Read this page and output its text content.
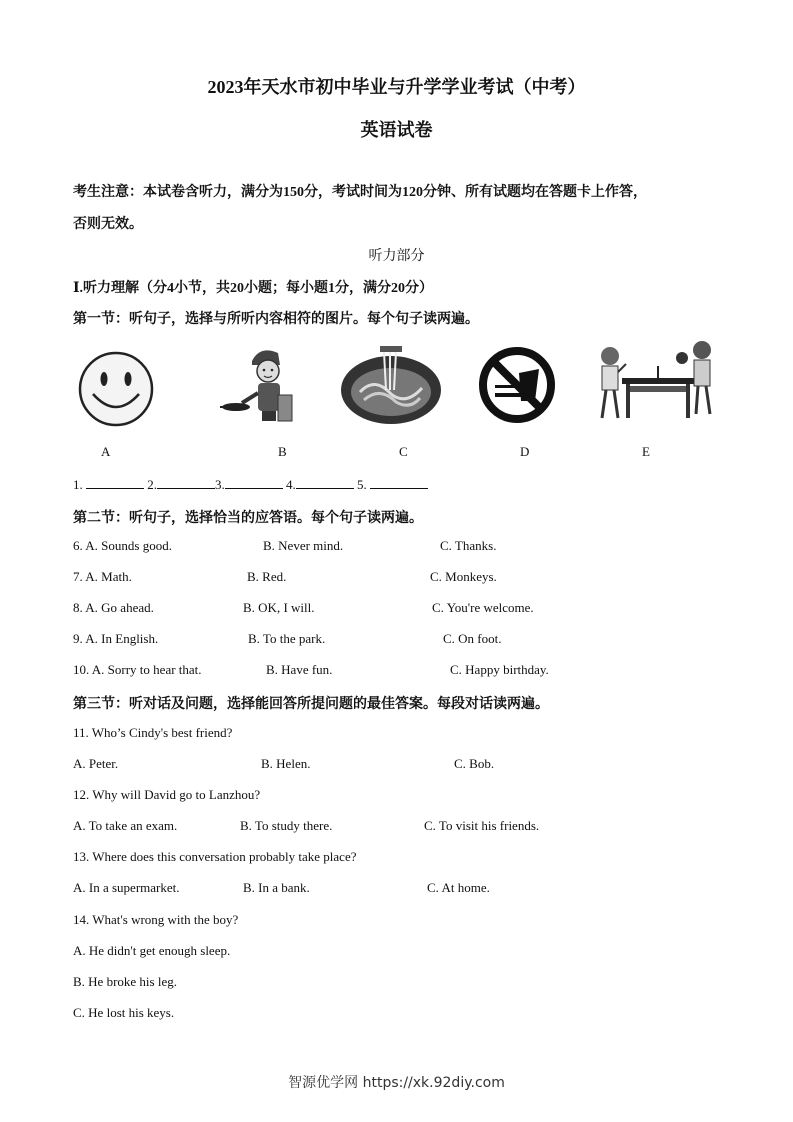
2023年天水市初中毕业与升学学业考试（中考）
英语试卷
考生注意：本试卷含听力，满分为150分，考试时间为120分钟、所有试题均在答题卡上作答，
否则无效。
听力部分
Ⅰ.听力理解（分4小节，共20小题；每小题1分，满分20分）
第一节：听句子，选择与所听内容相符的图片。每个句子读两遍。
A	B	C	D	E
1.	2.	3.	4.	5.
第二节：听句子，选择恰当的应答语。每个句子读两遍。
6. A. Sounds good.	B. Never mind.	C. Thanks.
7. A. Math.	B. Red.	C. Monkeys.
8. A. Go ahead.	B. OK, I will.	C. You're welcome.
9. A. In English.	B. To the park.	C. On foot.
10. A. Sorry to hear that.	B. Have fun.	C. Happy birthday.
第三节：听对话及问题，选择能回答所提问题的最佳答案。每段对话读两遍。
11. Who’s Cindy's best friend?
A. Peter.	B. Helen.	C. Bob.
12. Why will David go to Lanzhou?
A. To take an exam.	B. To study there.	C. To visit his friends.
13. Where does this conversation probably take place?
A. In a supermarket.	B. In a bank.	C. At home.
14. What's wrong with the boy?
A. He didn't get enough sleep.
B. He broke his leg.
C. He lost his keys.
智源优学网 https://xk.92diy.com
